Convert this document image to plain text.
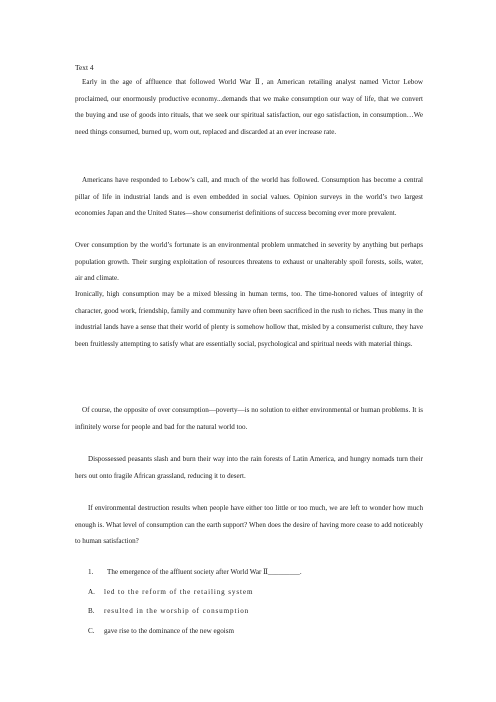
Text 4

Early in the age of affluence that followed World War Ⅱ, an American retailing analyst named Victor Lebow proclaimed, our enormously productive economy...demands that we make consumption our way of life, that we convert the buying and use of goods into rituals, that we seek our spiritual satisfaction, our ego satisfaction, in consumption…We need things consumed, burned up, worn out, replaced and discarded at an ever increase rate.

Americans have responded to Lebow’s call, and much of the world has followed. Consumption has become a central pillar of life in industrial lands and is even embedded in social values. Opinion surveys in the world’s two largest economies Japan and the United States—show consumerist definitions of success becoming ever more prevalent.

Over consumption by the world’s fortunate is an environmental problem unmatched in severity by anything but perhaps population growth. Their surging exploitation of resources threatens to exhaust or unalterably spoil forests, soils, water, air and climate.

Ironically, high consumption may be a mixed blessing in human terms, too. The time-honored values of integrity of character, good work, friendship, family and community have often been sacrificed in the rush to riches. Thus many in the industrial lands have a sense that their world of plenty is somehow hollow that, misled by a consumerist culture, they have been fruitlessly attempting to satisfy what are essentially social, psychological and spiritual needs with material things.

Of course, the opposite of over consumption—poverty—is no solution to either environmental or human problems. It is infinitely worse for people and bad for the natural world too.

Dispossessed peasants slash and burn their way into the rain forests of Latin America, and hungry nomads turn their hers out onto fragile African grassland, reducing it to desert.

If environmental destruction results when people have either too little or too much, we are left to wonder how much enough is. What level of consumption can the earth support? When does the desire of having more cease to add noticeably to human satisfaction?

1. The emergence of the affluent society after World War Ⅱ_________.
A. led to the reform of the retailing system
B. resulted in the worship of consumption
C. gave rise to the dominance of the new egoism
